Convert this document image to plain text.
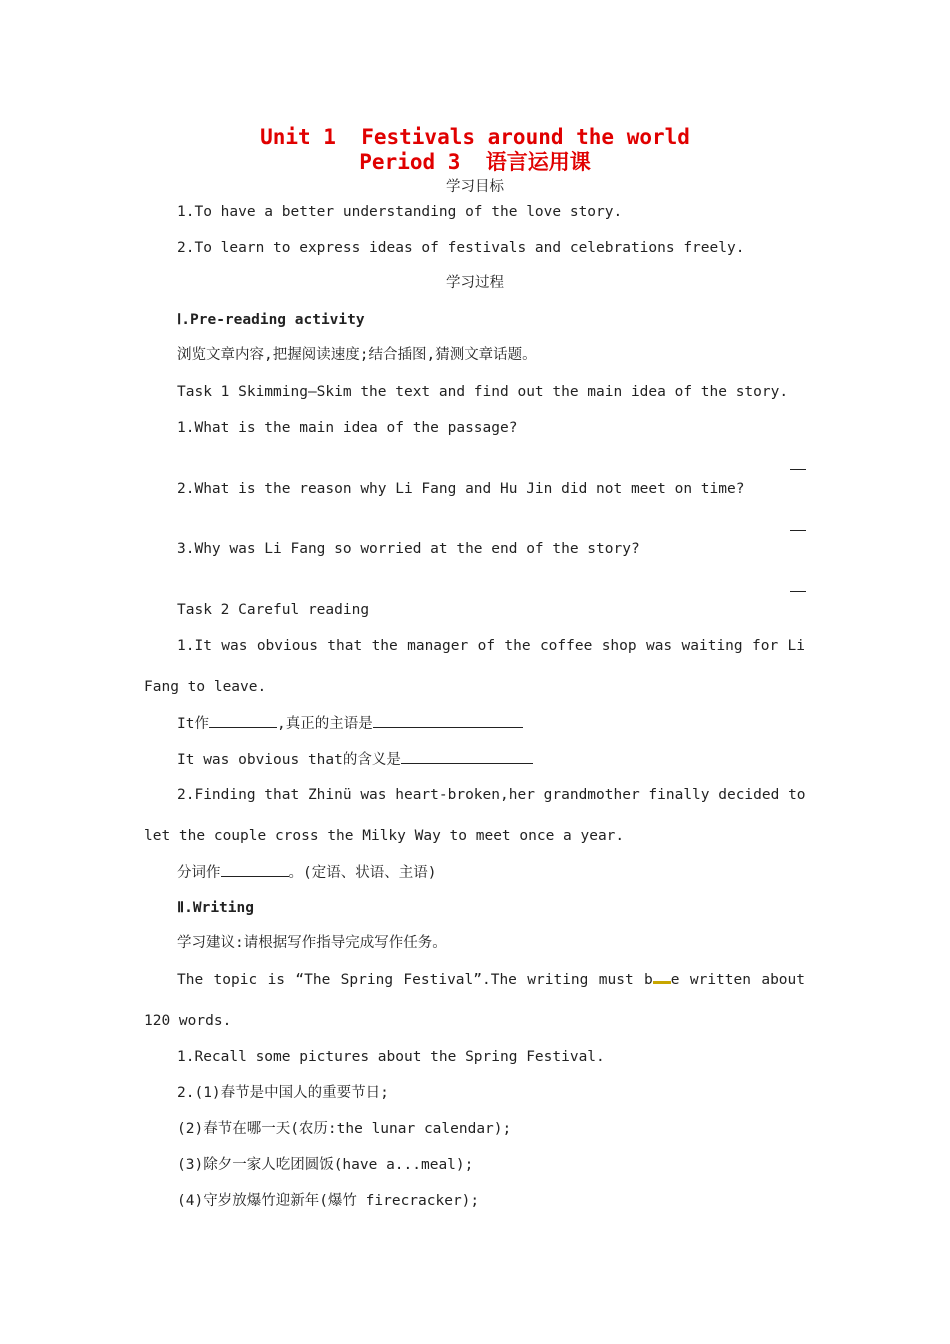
Unit 1  Festivals around the world
Period 3  语言运用课
学习目标
1.To have a better understanding of the love story.
2.To learn to express ideas of festivals and celebrations freely.
学习过程
Ⅰ.Pre-reading activity
浏览文章内容,把握阅读速度;结合插图,猜测文章话题。
Task 1 Skimming—Skim the text and find out the main idea of the story.
1.What is the main idea of the passage?
2.What is the reason why Li Fang and Hu Jin did not meet on time?
3.Why was Li Fang so worried at the end of the story?
Task 2 Careful reading
1.It was obvious that the manager of the coffee shop was waiting for Li
Fang to leave.
It作	,真正的主语是
It was obvious that的含义是
2.Finding that Zhinü was heart-broken,her grandmother finally decided to
let the couple cross the Milky Way to meet once a year.
分词作	。(定语、状语、主语)
Ⅱ.Writing
学习建议:请根据写作指导完成写作任务。
The topic is “The Spring Festival”.The writing must b e written about
120 words.
1.Recall some pictures about the Spring Festival.
2.(1)春节是中国人的重要节日;
(2)春节在哪一天(农历:the lunar calendar);
(3)除夕一家人吃团圆饭(have a...meal);
(4)守岁放爆竹迎新年(爆竹 firecracker);
